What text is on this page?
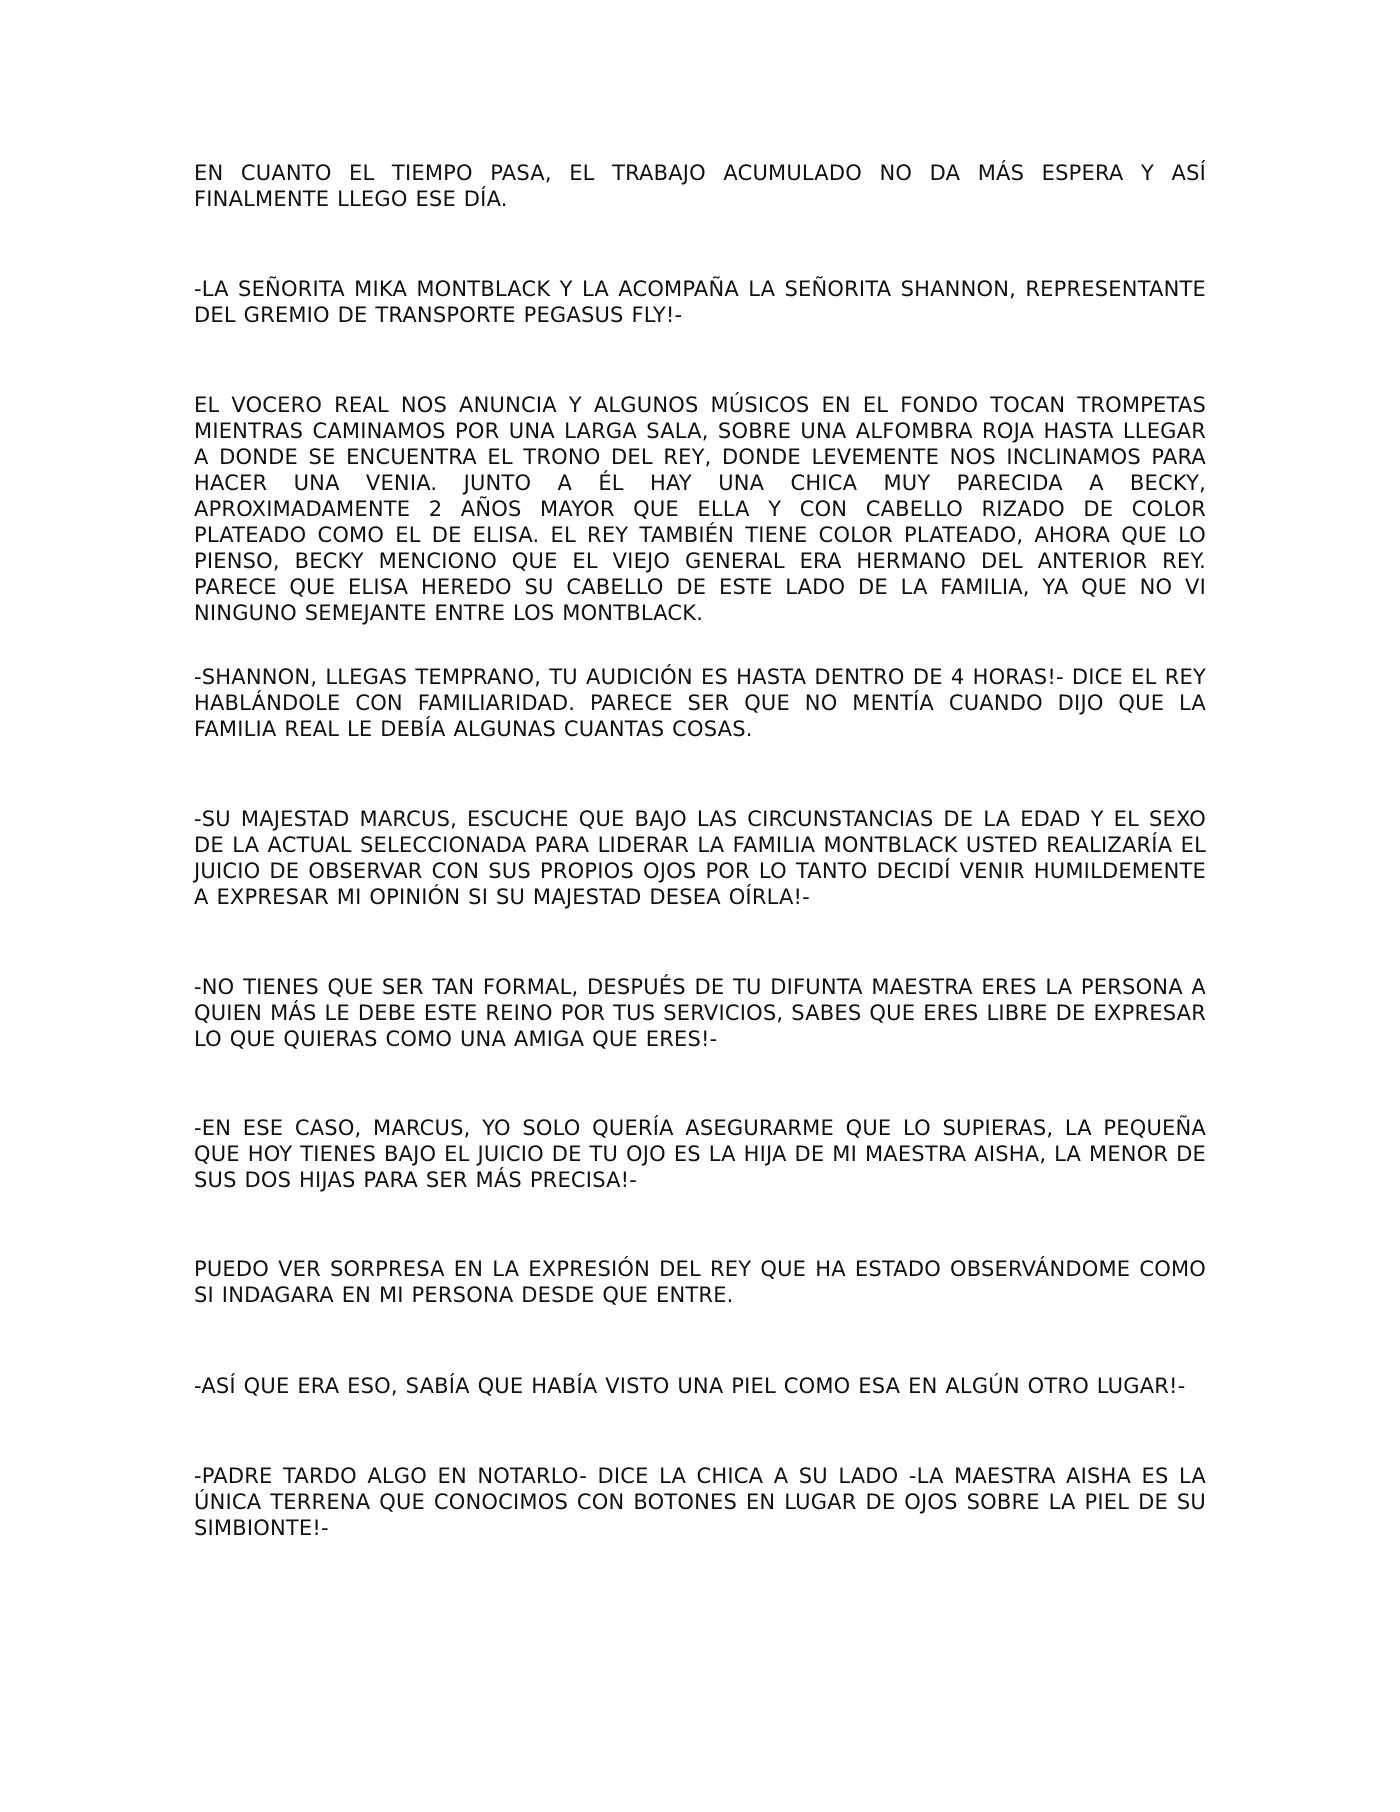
EN CUANTO EL TIEMPO PASA, EL TRABAJO ACUMULADO NO DA MÁS ESPERA Y ASÍ FINALMENTE LLEGO ESE DÍA.

-LA SEÑORITA MIKA MONTBLACK Y LA ACOMPAÑA LA SEÑORITA SHANNON, REPRESENTANTE DEL GREMIO DE TRANSPORTE PEGASUS FLY!-

EL VOCERO REAL NOS ANUNCIA Y ALGUNOS MÚSICOS EN EL FONDO TOCAN TROMPETAS MIENTRAS CAMINAMOS POR UNA LARGA SALA, SOBRE UNA ALFOMBRA ROJA HASTA LLEGAR A DONDE SE ENCUENTRA EL TRONO DEL REY, DONDE LEVEMENTE NOS INCLINAMOS PARA HACER UNA VENIA. JUNTO A ÉL HAY UNA CHICA MUY PARECIDA A BECKY, APROXIMADAMENTE 2 AÑOS MAYOR QUE ELLA Y CON CABELLO RIZADO DE COLOR PLATEADO COMO EL DE ELISA. EL REY TAMBIÉN TIENE COLOR PLATEADO, AHORA QUE LO PIENSO, BECKY MENCIONO QUE EL VIEJO GENERAL ERA HERMANO DEL ANTERIOR REY. PARECE QUE ELISA HEREDO SU CABELLO DE ESTE LADO DE LA FAMILIA, YA QUE NO VI NINGUNO SEMEJANTE ENTRE LOS MONTBLACK.

-SHANNON, LLEGAS TEMPRANO, TU AUDICIÓN ES HASTA DENTRO DE 4 HORAS!- DICE EL REY HABLÁNDOLE CON FAMILIARIDAD. PARECE SER QUE NO MENTÍA CUANDO DIJO QUE LA FAMILIA REAL LE DEBÍA ALGUNAS CUANTAS COSAS.

-SU MAJESTAD MARCUS, ESCUCHE QUE BAJO LAS CIRCUNSTANCIAS DE LA EDAD Y EL SEXO DE LA ACTUAL SELECCIONADA PARA LIDERAR LA FAMILIA MONTBLACK USTED REALIZARÍA EL JUICIO DE OBSERVAR CON SUS PROPIOS OJOS POR LO TANTO DECIDÍ VENIR HUMILDEMENTE A EXPRESAR MI OPINIÓN SI SU MAJESTAD DESEA OÍRLA!-

-NO TIENES QUE SER TAN FORMAL, DESPUÉS DE TU DIFUNTA MAESTRA ERES LA PERSONA A QUIEN MÁS LE DEBE ESTE REINO POR TUS SERVICIOS, SABES QUE ERES LIBRE DE EXPRESAR LO QUE QUIERAS COMO UNA AMIGA QUE ERES!-

-EN ESE CASO, MARCUS, YO SOLO QUERÍA ASEGURARME QUE LO SUPIERAS, LA PEQUEÑA QUE HOY TIENES BAJO EL JUICIO DE TU OJO ES LA HIJA DE MI MAESTRA AISHA, LA MENOR DE SUS DOS HIJAS PARA SER MÁS PRECISA!-

PUEDO VER SORPRESA EN LA EXPRESIÓN DEL REY QUE HA ESTADO OBSERVÁNDOME COMO SI INDAGARA EN MI PERSONA DESDE QUE ENTRE.

-ASÍ QUE ERA ESO, SABÍA QUE HABÍA VISTO UNA PIEL COMO ESA EN ALGÚN OTRO LUGAR!-

-PADRE TARDO ALGO EN NOTARLO- DICE LA CHICA A SU LADO -LA MAESTRA AISHA ES LA ÚNICA TERRENA QUE CONOCIMOS CON BOTONES EN LUGAR DE OJOS SOBRE LA PIEL DE SU SIMBIONTE!-
